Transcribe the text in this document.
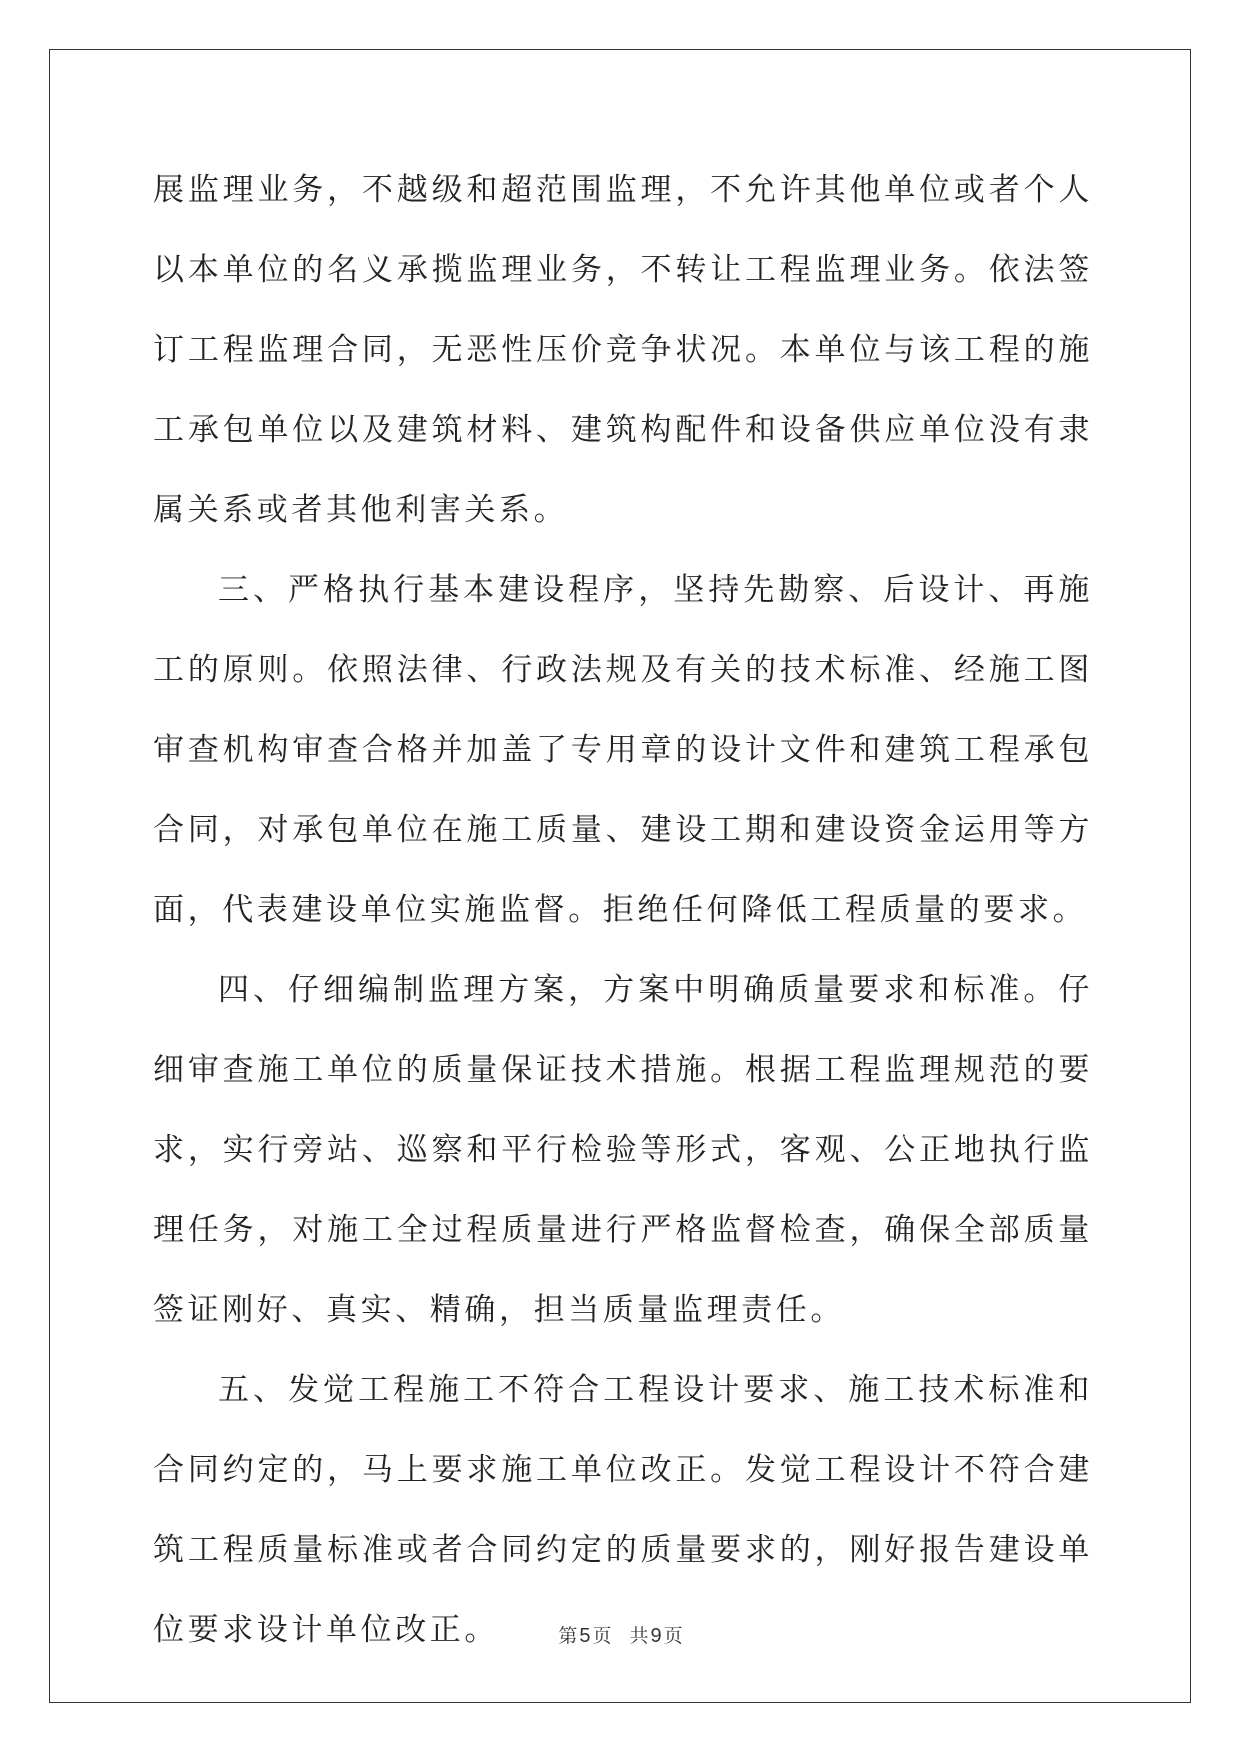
展监理业务，不越级和超范围监理，不允许其他单位或者个人以本单位的名义承揽监理业务，不转让工程监理业务。依法签订工程监理合同，无恶性压价竞争状况。本单位与该工程的施工承包单位以及建筑材料、建筑构配件和设备供应单位没有隶属关系或者其他利害关系。

三、严格执行基本建设程序，坚持先勘察、后设计、再施工的原则。依照法律、行政法规及有关的技术标准、经施工图审查机构审查合格并加盖了专用章的设计文件和建筑工程承包合同，对承包单位在施工质量、建设工期和建设资金运用等方面，代表建设单位实施监督。拒绝任何降低工程质量的要求。

四、仔细编制监理方案，方案中明确质量要求和标准。仔细审查施工单位的质量保证技术措施。根据工程监理规范的要求，实行旁站、巡察和平行检验等形式，客观、公正地执行监理任务，对施工全过程质量进行严格监督检查，确保全部质量签证刚好、真实、精确，担当质量监理责任。

五、发觉工程施工不符合工程设计要求、施工技术标准和合同约定的，马上要求施工单位改正。发觉工程设计不符合建筑工程质量标准或者合同约定的质量要求的，刚好报告建设单位要求设计单位改正。	第 5 页 共 9 页
